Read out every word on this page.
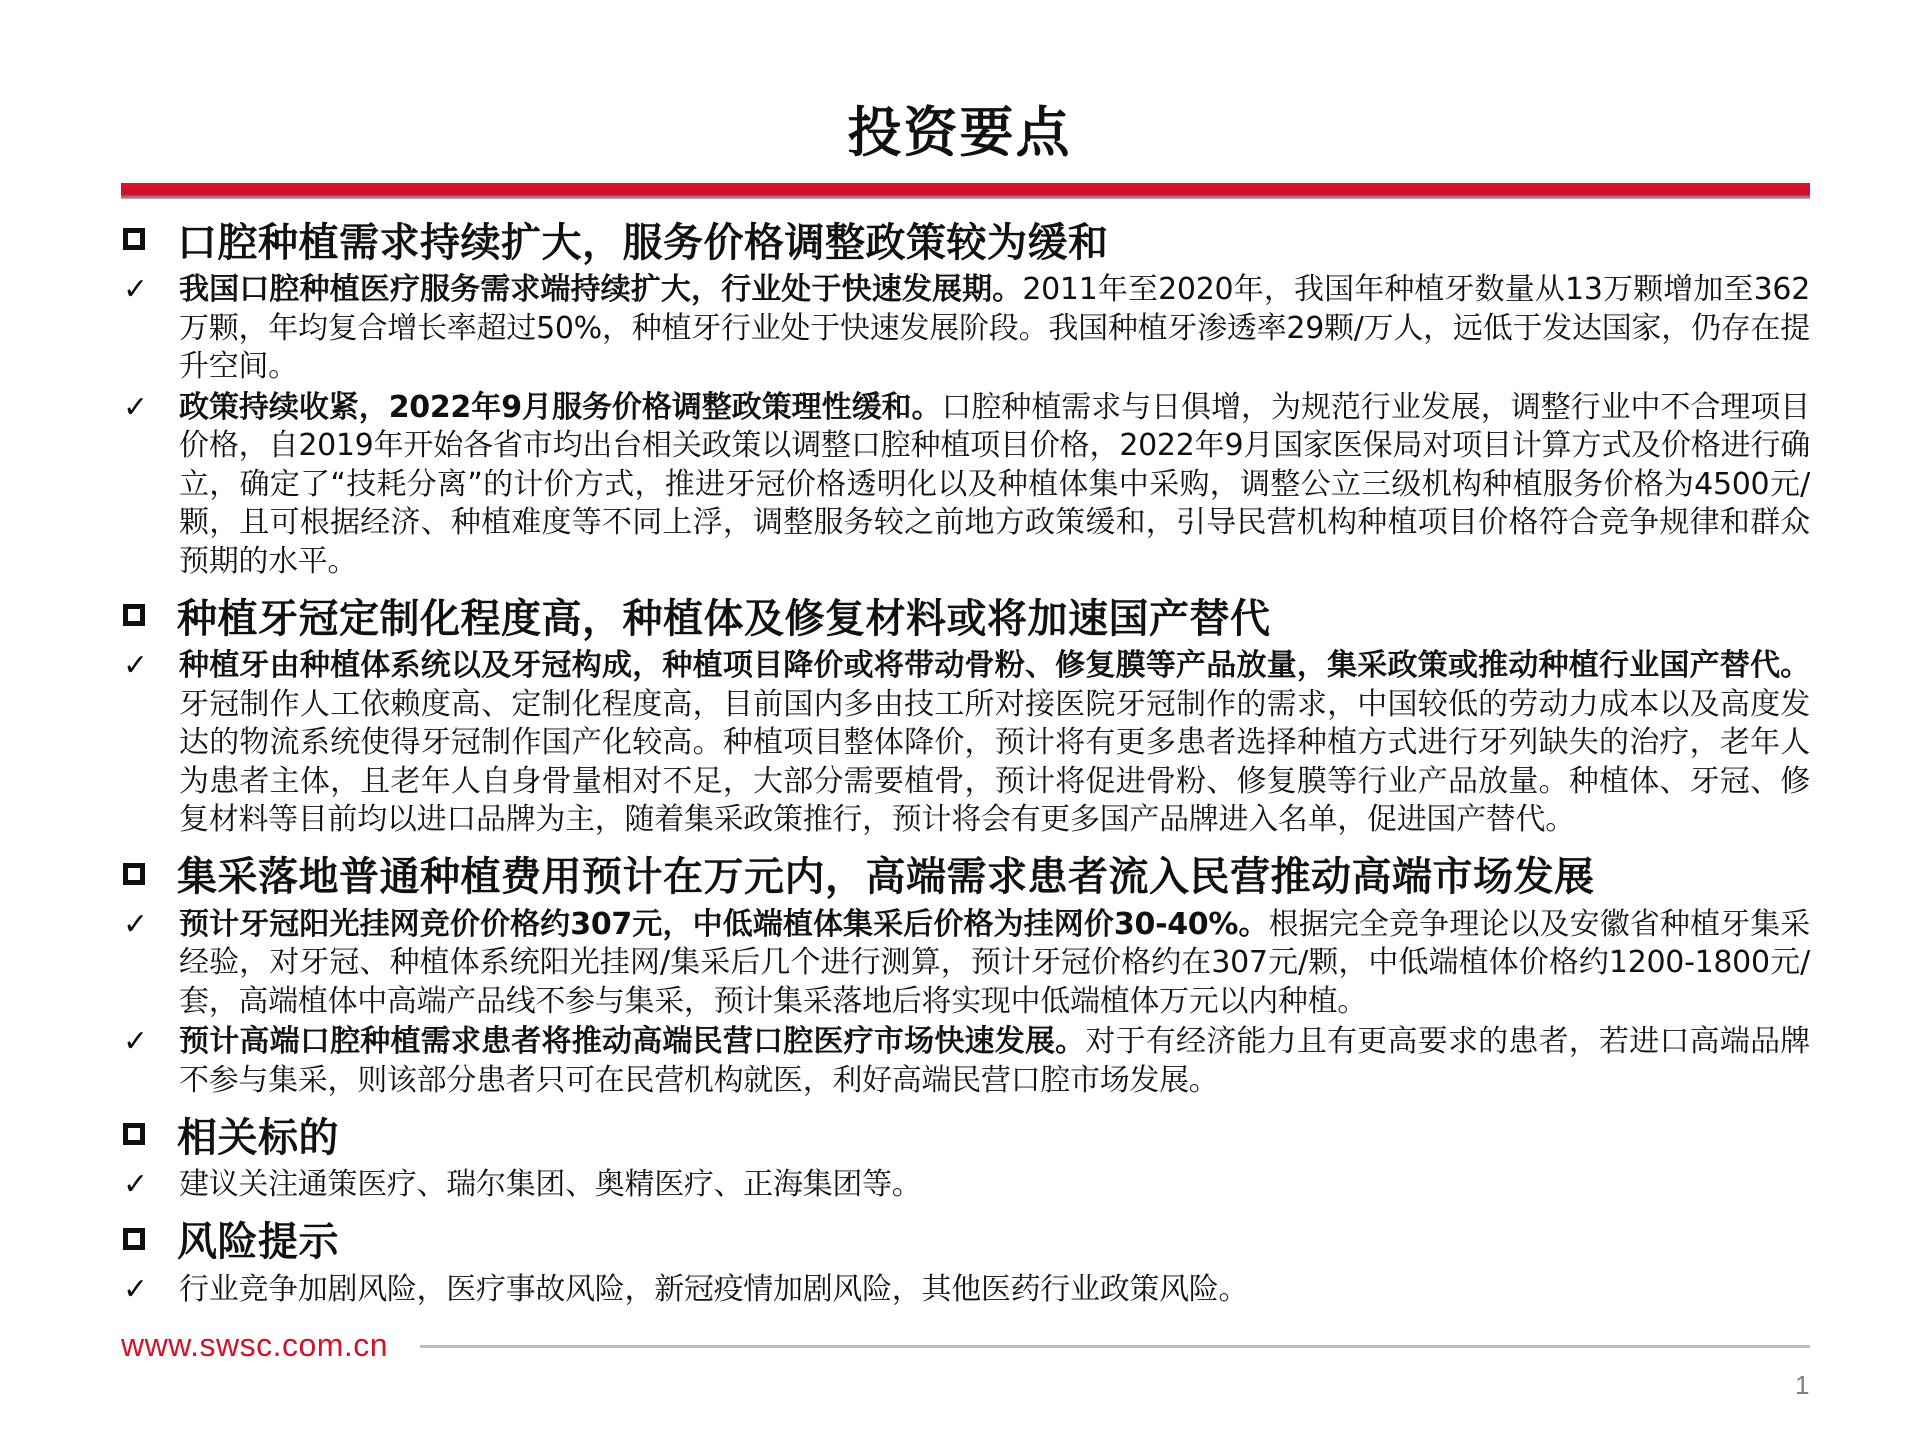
投资要点
口腔种植需求持续扩大，服务价格调整政策较为缓和
✓	我国口腔种植医疗服务需求端持续扩大，行业处于快速发展期。2011年至2020年，我国年种植牙数量从13万颗增加至362万颗，年均复合增长率超过50%，种植牙行业处于快速发展阶段。我国种植牙渗透率29颗/万人，远低于发达国家，仍存在提升空间。
✓	政策持续收紧，2022年9月服务价格调整政策理性缓和。口腔种植需求与日俱增，为规范行业发展，调整行业中不合理项目价格，自2019年开始各省市均出台相关政策以调整口腔种植项目价格，2022年9月国家医保局对项目计算方式及价格进行确立，确定了“技耗分离”的计价方式，推进牙冠价格透明化以及种植体集中采购，调整公立三级机构种植服务价格为4500元/颗，且可根据经济、种植难度等不同上浮，调整服务较之前地方政策缓和，引导民营机构种植项目价格符合竞争规律和群众预期的水平。
种植牙冠定制化程度高，种植体及修复材料或将加速国产替代
✓	种植牙由种植体系统以及牙冠构成，种植项目降价或将带动骨粉、修复膜等产品放量，集采政策或推动种植行业国产替代。牙冠制作人工依赖度高、定制化程度高，目前国内多由技工所对接医院牙冠制作的需求，中国较低的劳动力成本以及高度发达的物流系统使得牙冠制作国产化较高。种植项目整体降价，预计将有更多患者选择种植方式进行牙列缺失的治疗，老年人为患者主体，且老年人自身骨量相对不足，大部分需要植骨，预计将促进骨粉、修复膜等行业产品放量。种植体、牙冠、修复材料等目前均以进口品牌为主，随着集采政策推行，预计将会有更多国产品牌进入名单，促进国产替代。
集采落地普通种植费用预计在万元内，高端需求患者流入民营推动高端市场发展
✓	预计牙冠阳光挂网竞价价格约307元，中低端植体集采后价格为挂网价30-40%。根据完全竞争理论以及安徽省种植牙集采经验，对牙冠、种植体系统阳光挂网/集采后几个进行测算，预计牙冠价格约在307元/颗，中低端植体价格约1200-1800元/套，高端植体中高端产品线不参与集采，预计集采落地后将实现中低端植体万元以内种植。
✓	预计高端口腔种植需求患者将推动高端民营口腔医疗市场快速发展。对于有经济能力且有更高要求的患者，若进口高端品牌不参与集采，则该部分患者只可在民营机构就医，利好高端民营口腔市场发展。
相关标的
✓	建议关注通策医疗、瑞尔集团、奥精医疗、正海集团等。
风险提示
✓	行业竞争加剧风险，医疗事故风险，新冠疫情加剧风险，其他医药行业政策风险。
www.swsc.com.cn
1
